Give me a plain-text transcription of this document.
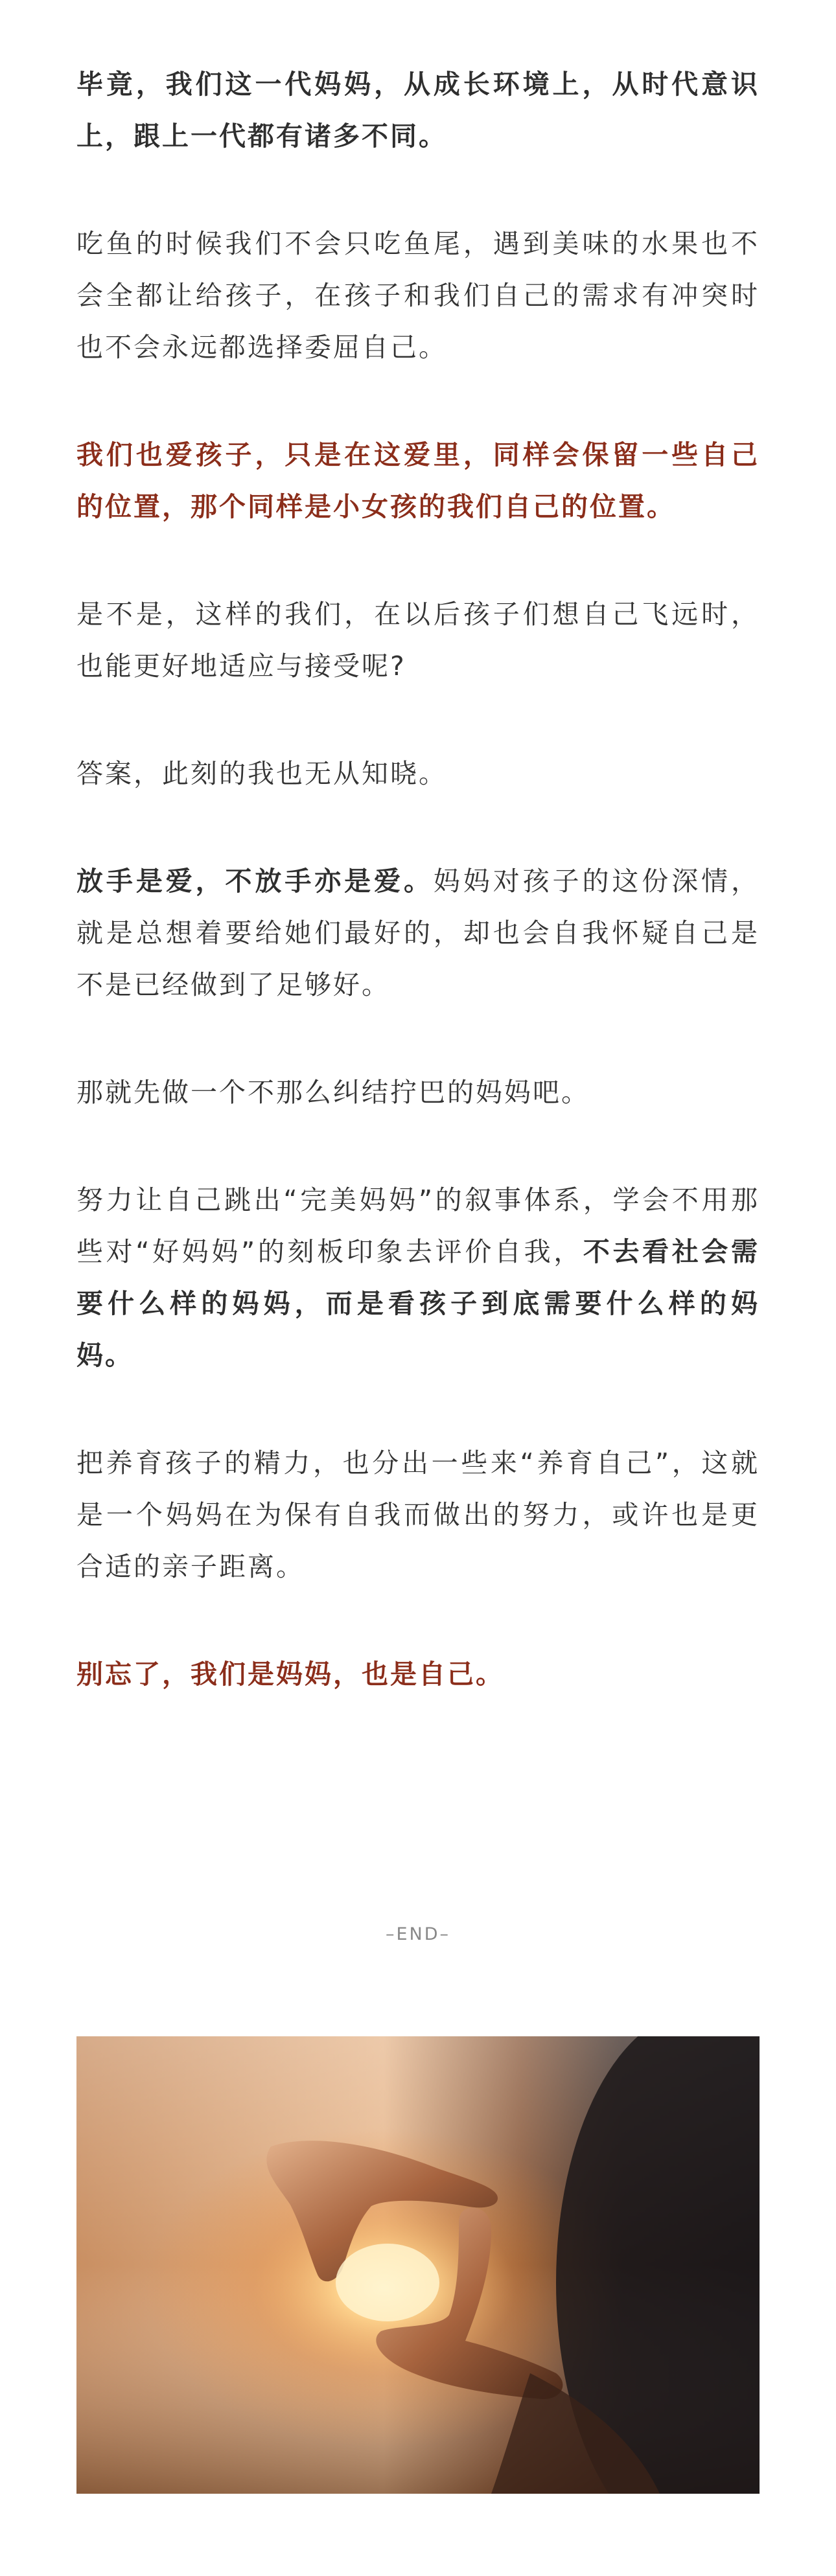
毕竟，我们这一代妈妈，从成长环境上，从时代意识上，跟上一代都有诸多不同。

吃鱼的时候我们不会只吃鱼尾，遇到美味的水果也不会全都让给孩子，在孩子和我们自己的需求有冲突时也不会永远都选择委屈自己。

我们也爱孩子，只是在这爱里，同样会保留一些自己的位置，那个同样是小女孩的我们自己的位置。

是不是，这样的我们，在以后孩子们想自己飞远时，也能更好地适应与接受呢?

答案，此刻的我也无从知晓。

放手是爱，不放手亦是爱。妈妈对孩子的这份深情，就是总想着要给她们最好的，却也会自我怀疑自己是不是已经做到了足够好。

那就先做一个不那么纠结拧巴的妈妈吧。

努力让自己跳出“完美妈妈”的叙事体系，学会不用那些对“好妈妈”的刻板印象去评价自我，不去看社会需要什么样的妈妈，而是看孩子到底需要什么样的妈妈。

把养育孩子的精力，也分出一些来“养育自己”，这就是一个妈妈在为保有自我而做出的努力，或许也是更合适的亲子距离。

别忘了，我们是妈妈，也是自己。

–END–
